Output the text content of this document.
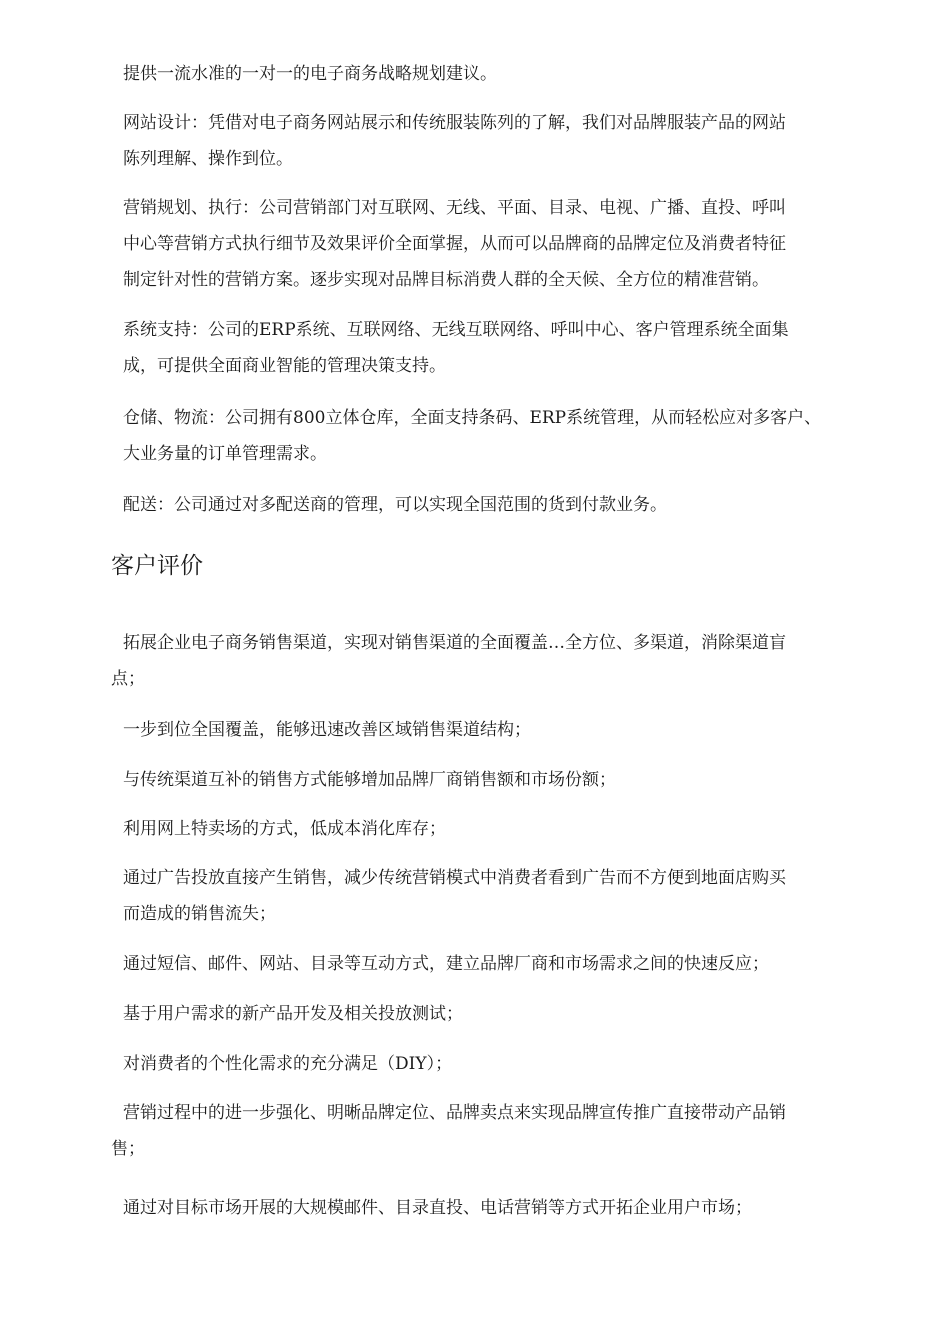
提供一流水准的一对一的电子商务战略规划建议。

网站设计：凭借对电子商务网站展示和传统服装陈列的了解，我们对品牌服装产品的网站
陈列理解、操作到位。

营销规划、执行：公司营销部门对互联网、无线、平面、目录、电视、广播、直投、呼叫
中心等营销方式执行细节及效果评价全面掌握，从而可以品牌商的品牌定位及消费者特征
制定针对性的营销方案。逐步实现对品牌目标消费人群的全天候、全方位的精准营销。

系统支持：公司的ERP系统、互联网络、无线互联网络、呼叫中心、客户管理系统全面集
成，可提供全面商业智能的管理决策支持。

仓储、物流：公司拥有800立体仓库，全面支持条码、ERP系统管理，从而轻松应对多客户、
大业务量的订单管理需求。

配送：公司通过对多配送商的管理，可以实现全国范围的货到付款业务。

客户评价

拓展企业电子商务销售渠道，实现对销售渠道的全面覆盖…全方位、多渠道，消除渠道盲
点；

一步到位全国覆盖，能够迅速改善区域销售渠道结构；

与传统渠道互补的销售方式能够增加品牌厂商销售额和市场份额；

利用网上特卖场的方式，低成本消化库存；

通过广告投放直接产生销售，减少传统营销模式中消费者看到广告而不方便到地面店购买
而造成的销售流失；

通过短信、邮件、网站、目录等互动方式，建立品牌厂商和市场需求之间的快速反应；

基于用户需求的新产品开发及相关投放测试；

对消费者的个性化需求的充分满足（DIY）；

营销过程中的进一步强化、明晰品牌定位、品牌卖点来实现品牌宣传推广直接带动产品销
售；

通过对目标市场开展的大规模邮件、目录直投、电话营销等方式开拓企业用户市场；
